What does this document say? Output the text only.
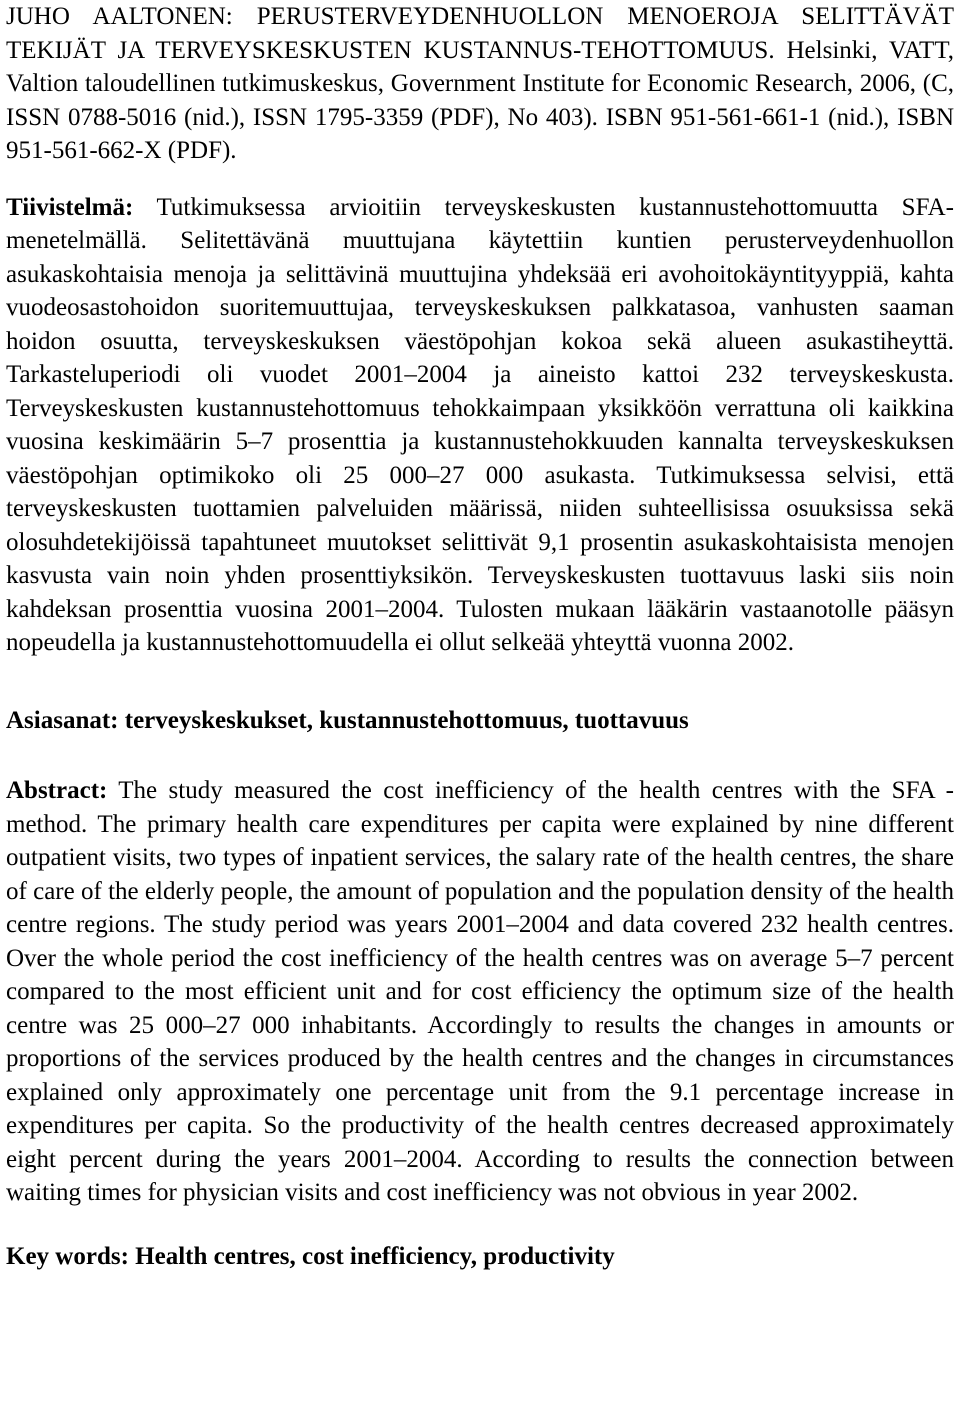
JUHO AALTONEN: PERUSTERVEYDENHUOLLON MENOEROJA SELITTÄVÄT TEKIJÄT JA TERVEYSKESKUSTEN KUSTANNUS-TEHOTTOMUUS. Helsinki, VATT, Valtion taloudellinen tutkimuskeskus, Government Institute for Economic Research, 2006, (C, ISSN 0788-5016 (nid.), ISSN 1795-3359 (PDF), No 403). ISBN 951-561-661-1 (nid.), ISBN 951-561-662-X (PDF).

Tiivistelmä: Tutkimuksessa arvioitiin terveyskeskusten kustannustehottomuutta SFA-menetelmällä. Selitettävänä muuttujana käytettiin kuntien perusterveydenhuollon asukaskohtaisia menoja ja selittävinä muuttujina yhdeksää eri avohoitokäyntityyppiä, kahta vuodeosastohoidon suoritemuuttujaa, terveyskeskuksen palkkatasoa, vanhusten saaman hoidon osuutta, terveyskeskuksen väestöpohjan kokoa sekä alueen asukastiheyttä. Tarkasteluperiodi oli vuodet 2001–2004 ja aineisto kattoi 232 terveyskeskusta. Terveyskeskusten kustannustehottomuus tehokkaimpaan yksikköön verrattuna oli kaikkina vuosina keskimäärin 5–7 prosenttia ja kustannustehokkuuden kannalta terveyskeskuksen väestöpohjan optimikoko oli 25 000–27 000 asukasta. Tutkimuksessa selvisi, että terveyskeskusten tuottamien palveluiden määrissä, niiden suhteellisissa osuuksissa sekä olosuhdetekijöissä tapahtuneet muutokset selittivät 9,1 prosentin asukaskohtaisista menojen kasvusta vain noin yhden prosenttiyksikön. Terveyskeskusten tuottavuus laski siis noin kahdeksan prosenttia vuosina 2001–2004. Tulosten mukaan lääkärin vastaanotolle pääsyn nopeudella ja kustannustehottomuudella ei ollut selkeää yhteyttä vuonna 2002.

Asiasanat: terveyskeskukset, kustannustehottomuus, tuottavuus

Abstract: The study measured the cost inefficiency of the health centres with the SFA -method. The primary health care expenditures per capita were explained by nine different outpatient visits, two types of inpatient services, the salary rate of the health centres, the share of care of the elderly people, the amount of population and the population density of the health centre regions. The study period was years 2001–2004 and data covered 232 health centres. Over the whole period the cost inefficiency of the health centres was on average 5–7 percent compared to the most efficient unit and for cost efficiency the optimum size of the health centre was 25 000–27 000 inhabitants. Accordingly to results the changes in amounts or proportions of the services produced by the health centres and the changes in circumstances explained only approximately one percentage unit from the 9.1 percentage increase in expenditures per capita. So the productivity of the health centres decreased approximately eight percent during the years 2001–2004. According to results the connection between waiting times for physician visits and cost inefficiency was not obvious in year 2002.

Key words: Health centres, cost inefficiency, productivity
